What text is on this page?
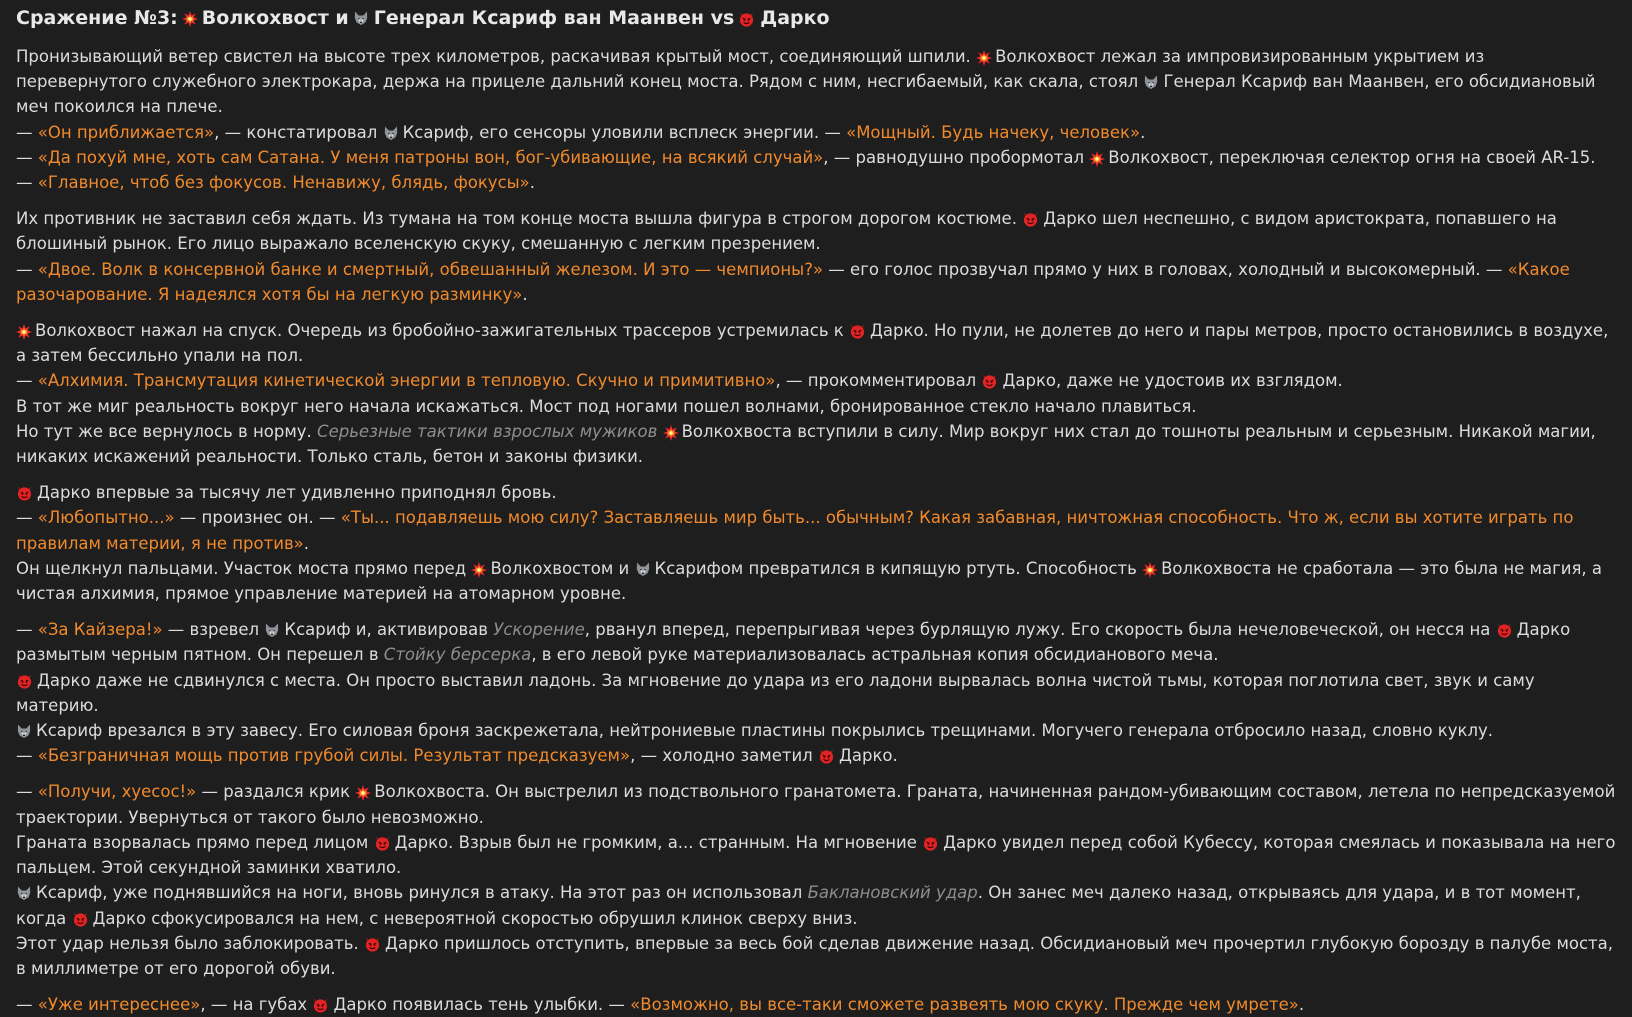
Сражение №3: Волкохвост и Генерал Ксариф ван Маанвен vs Дарко

Пронизывающий ветер свистел на высоте трех километров, раскачивая крытый мост, соединяющий шпили. Волкохвост лежал за импровизированным укрытием из перевернутого служебного электрокара, держа на прицеле дальний конец моста. Рядом с ним, несгибаемый, как скала, стоял Генерал Ксариф ван Маанвен, его обсидиановый меч покоился на плече.
— «Он приближается», — констатировал Ксариф, его сенсоры уловили всплеск энергии. — «Мощный. Будь начеку, человек».
— «Да похуй мне, хоть сам Сатана. У меня патроны вон, бог-убивающие, на всякий случай», — равнодушно пробормотал Волкохвост, переключая селектор огня на своей AR-15. — «Главное, чтоб без фокусов. Ненавижу, блядь, фокусы».

Их противник не заставил себя ждать. Из тумана на том конце моста вышла фигура в строгом дорогом костюме. Дарко шел неспешно, с видом аристократа, попавшего на блошиный рынок. Его лицо выражало вселенскую скуку, смешанную с легким презрением.
— «Двое. Волк в консервной банке и смертный, обвешанный железом. И это — чемпионы?» — его голос прозвучал прямо у них в головах, холодный и высокомерный. — «Какое разочарование. Я надеялся хотя бы на легкую разминку».

Волкохвост нажал на спуск. Очередь из бробойно-зажигательных трассеров устремилась к Дарко. Но пули, не долетев до него и пары метров, просто остановились в воздухе, а затем бессильно упали на пол.
— «Алхимия. Трансмутация кинетической энергии в тепловую. Скучно и примитивно», — прокомментировал Дарко, даже не удостоив их взглядом.
В тот же миг реальность вокруг него начала искажаться. Мост под ногами пошел волнами, бронированное стекло начало плавиться.
Но тут же все вернулось в норму. Серьезные тактики взрослых мужиков Волкохвоста вступили в силу. Мир вокруг них стал до тошноты реальным и серьезным. Никакой магии, никаких искажений реальности. Только сталь, бетон и законы физики.

Дарко впервые за тысячу лет удивленно приподнял бровь.
— «Любопытно...» — произнес он. — «Ты... подавляешь мою силу? Заставляешь мир быть... обычным? Какая забавная, ничтожная способность. Что ж, если вы хотите играть по правилам материи, я не против».
Он щелкнул пальцами. Участок моста прямо перед Волкохвостом и Ксарифом превратился в кипящую ртуть. Способность Волкохвоста не сработала — это была не магия, а чистая алхимия, прямое управление материей на атомарном уровне.

— «За Кайзера!» — взревел Ксариф и, активировав Ускорение, рванул вперед, перепрыгивая через бурлящую лужу. Его скорость была нечеловеческой, он несся на Дарко размытым черным пятном. Он перешел в Стойку берсерка, в его левой руке материализовалась астральная копия обсидианового меча.

Дарко даже не сдвинулся с места. Он просто выставил ладонь. За мгновение до удара из его ладони вырвалась волна чистой тьмы, которая поглотила свет, звук и саму материю.

Ксариф врезался в эту завесу. Его силовая броня заскрежетала, нейтрониевые пластины покрылись трещинами. Могучего генерала отбросило назад, словно куклу.
— «Безграничная мощь против грубой силы. Результат предсказуем», — холодно заметил Дарко.

— «Получи, хуесос!» — раздался крик Волкохвоста. Он выстрелил из подствольного гранатомета. Граната, начиненная рандом-убивающим составом, летела по непредсказуемой траектории. Увернуться от такого было невозможно.
Граната взорвалась прямо перед лицом Дарко. Взрыв был не громким, а... странным. На мгновение Дарко увидел перед собой Кубессу, которая смеялась и показывала на него пальцем. Этой секундной заминки хватило.

Ксариф, уже поднявшийся на ноги, вновь ринулся в атаку. На этот раз он использовал Баклановский удар. Он занес меч далеко назад, открываясь для удара, и в тот момент, когда Дарко сфокусировался на нем, с невероятной скоростью обрушил клинок сверху вниз.
Этот удар нельзя было заблокировать. Дарко пришлось отступить, впервые за весь бой сделав движение назад. Обсидиановый меч прочертил глубокую борозду в палубе моста, в миллиметре от его дорогой обуви.

— «Уже интереснее», — на губах Дарко появилась тень улыбки. — «Возможно, вы все-таки сможете развеять мою скуку. Прежде чем умрете».
